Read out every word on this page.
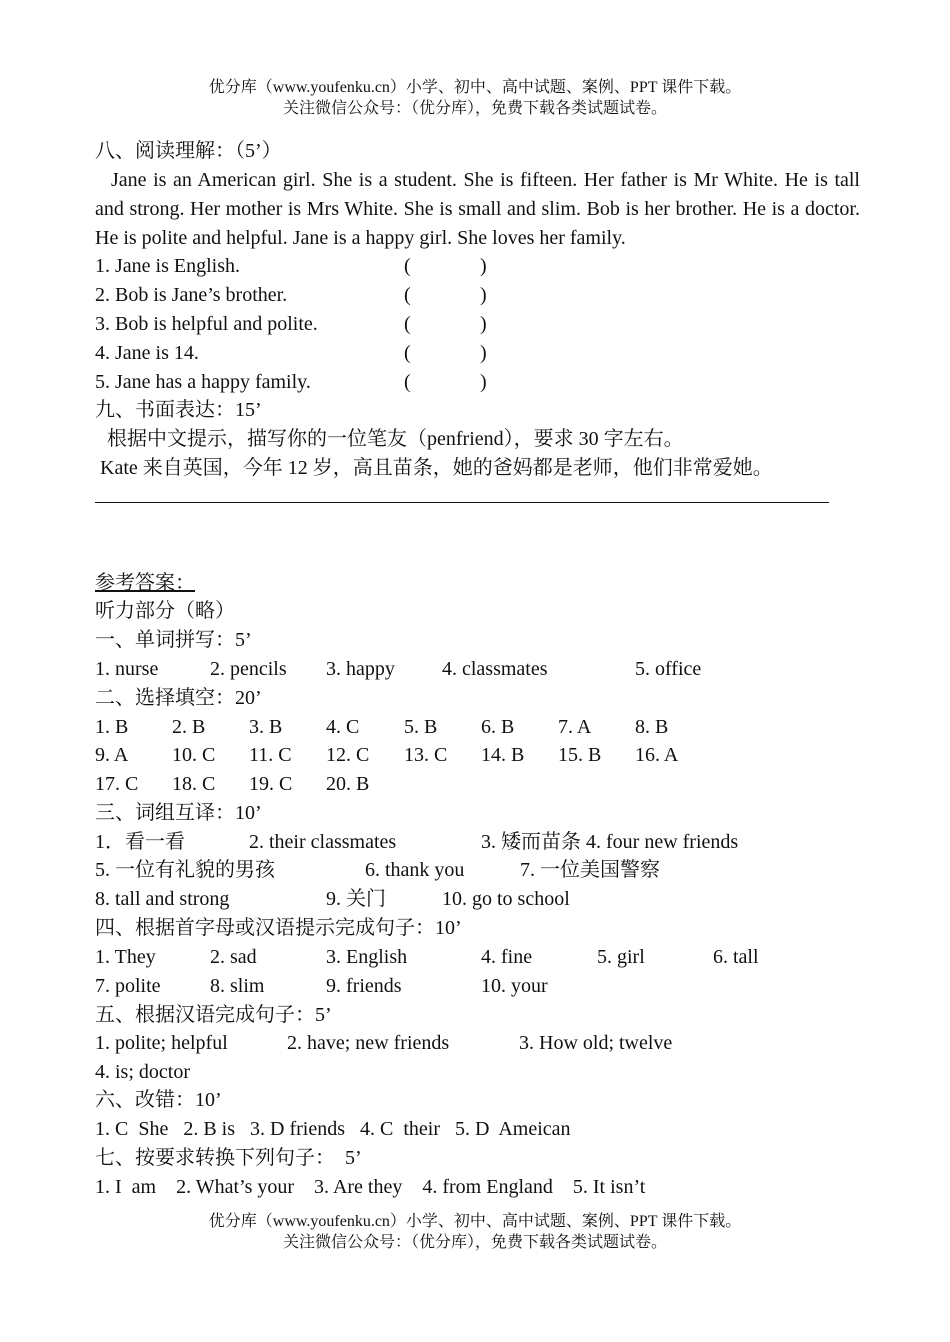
优分库（www.youfenku.cn）小学、初中、高中试题、案例、PPT 课件下载。
关注微信公众号：（优分库），免费下载各类试题试卷。
八、阅读理解：（5’）
Jane is an American girl. She is a student. She is fifteen. Her father is Mr White. He is tall and strong. Her mother is Mrs White. She is small and slim. Bob is her brother. He is a doctor. He is polite and helpful. Jane is a happy girl. She loves her family.
1. Jane is English.	(	)
2. Bob is Jane’s brother.	(	)
3. Bob is helpful and polite.	(	)
4. Jane is 14.	(	)
5. Jane has a happy family.	(	)
九、书面表达：15’
根据中文提示，描写你的一位笔友（penfriend），要求 30 字左右。
Kate 来自英国，今年 12 岁，高且苗条，她的爸妈都是老师，他们非常爱她。
参考答案：
听力部分（略）
一、单词拼写：5’
1. nurse	2. pencils 3. happy 4. classmates	5. office
二、选择填空：20’
1. B 2. B 3. B 4. C 5. B 6. B 7. A 8. B
9. A 10. C 11. C 12. C 13. C 14. B 15. B 16. A
17. C 18. C 19. C 20. B
三、词组互译：10’
1．看一看	2. their classmates	3. 矮而苗条 4. four new friends
5. 一位有礼貌的男孩	6. thank you	7. 一位美国警察
8. tall and strong	9. 关门	10. go to school
四、根据首字母或汉语提示完成句子：10’
1. They	2. sad	3. English	4. fine	5. girl	6. tall
7. polite 8. slim	9. friends	10. your
五、根据汉语完成句子：5’
1. polite; helpful	2. have; new friends	3. How old; twelve
4. is; doctor
六、改错：10’
1. C  She   2. B is   3. D friends   4. C  their   5. D  Ameican
七、按要求转换下列句子：  5’
1. I  am    2. What’s your    3. Are they    4. from England    5. It isn’t
优分库（www.youfenku.cn）小学、初中、高中试题、案例、PPT 课件下载。
关注微信公众号：（优分库），免费下载各类试题试卷。
